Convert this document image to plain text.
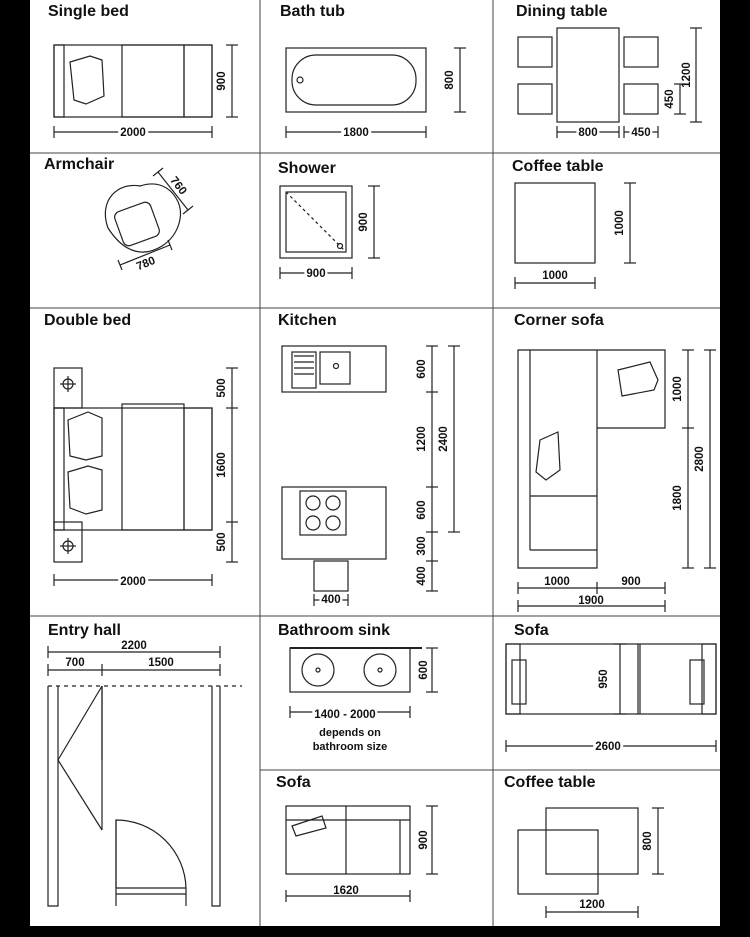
Single bed	Bath tub	Dining table
Armchair	Shower	Coffee table
Double bed	Kitchen	Corner sofa
Entry hall	Bathroom sink	Sofa
Sofa	Coffee table
2000
900
1800
800
800	450
450
1200
780
760
900
900
1000
1000
2000
500
1600
500
600
1200
600
300
400
2400
400
1000
1800
2800
1000	900
1900
2200
700	1500	600
1400 - 2000
depends on
bathroom size
950
2600
900
1620
800
1200
